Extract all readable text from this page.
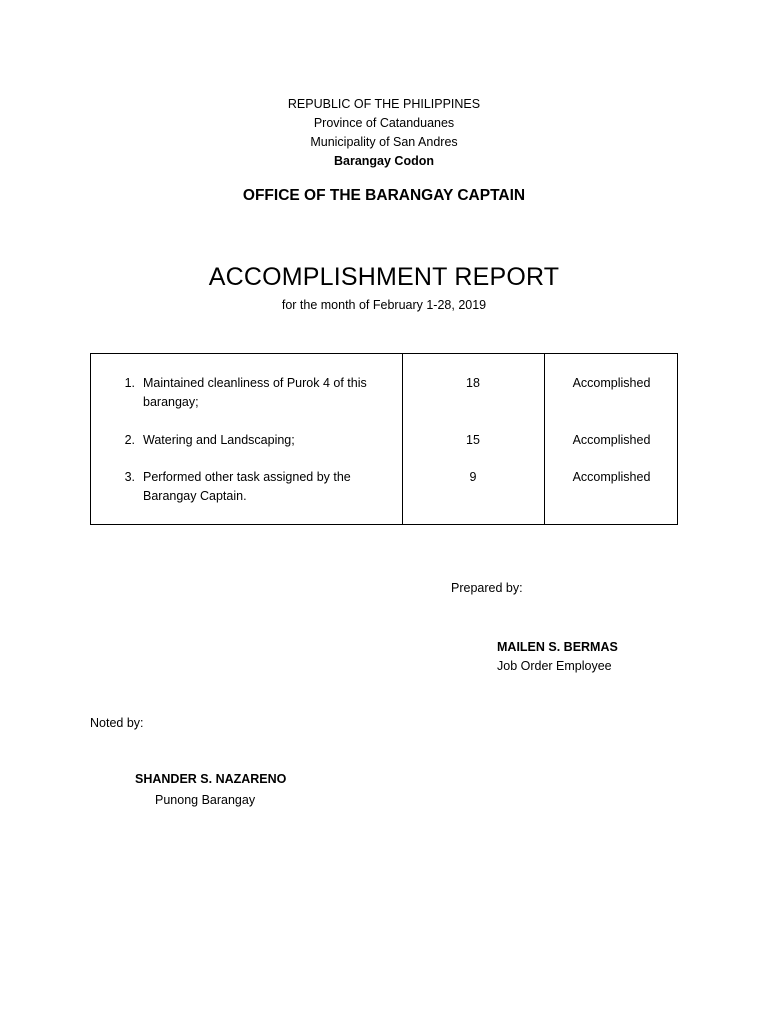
REPUBLIC OF THE PHILIPPINES
Province of Catanduanes
Municipality of San Andres
Barangay Codon
OFFICE OF THE BARANGAY CAPTAIN
ACCOMPLISHMENT REPORT
for the month of February 1-28, 2019
1. Maintained cleanliness of Purok 4 of this
barangay;
18	Accomplished
2. Watering and Landscaping;	15	Accomplished
3. Performed other task assigned by the
Barangay Captain.
9	Accomplished
Prepared by:
MAILEN S. BERMAS
Job Order Employee
Noted by:
SHANDER S. NAZARENO
Punong Barangay
